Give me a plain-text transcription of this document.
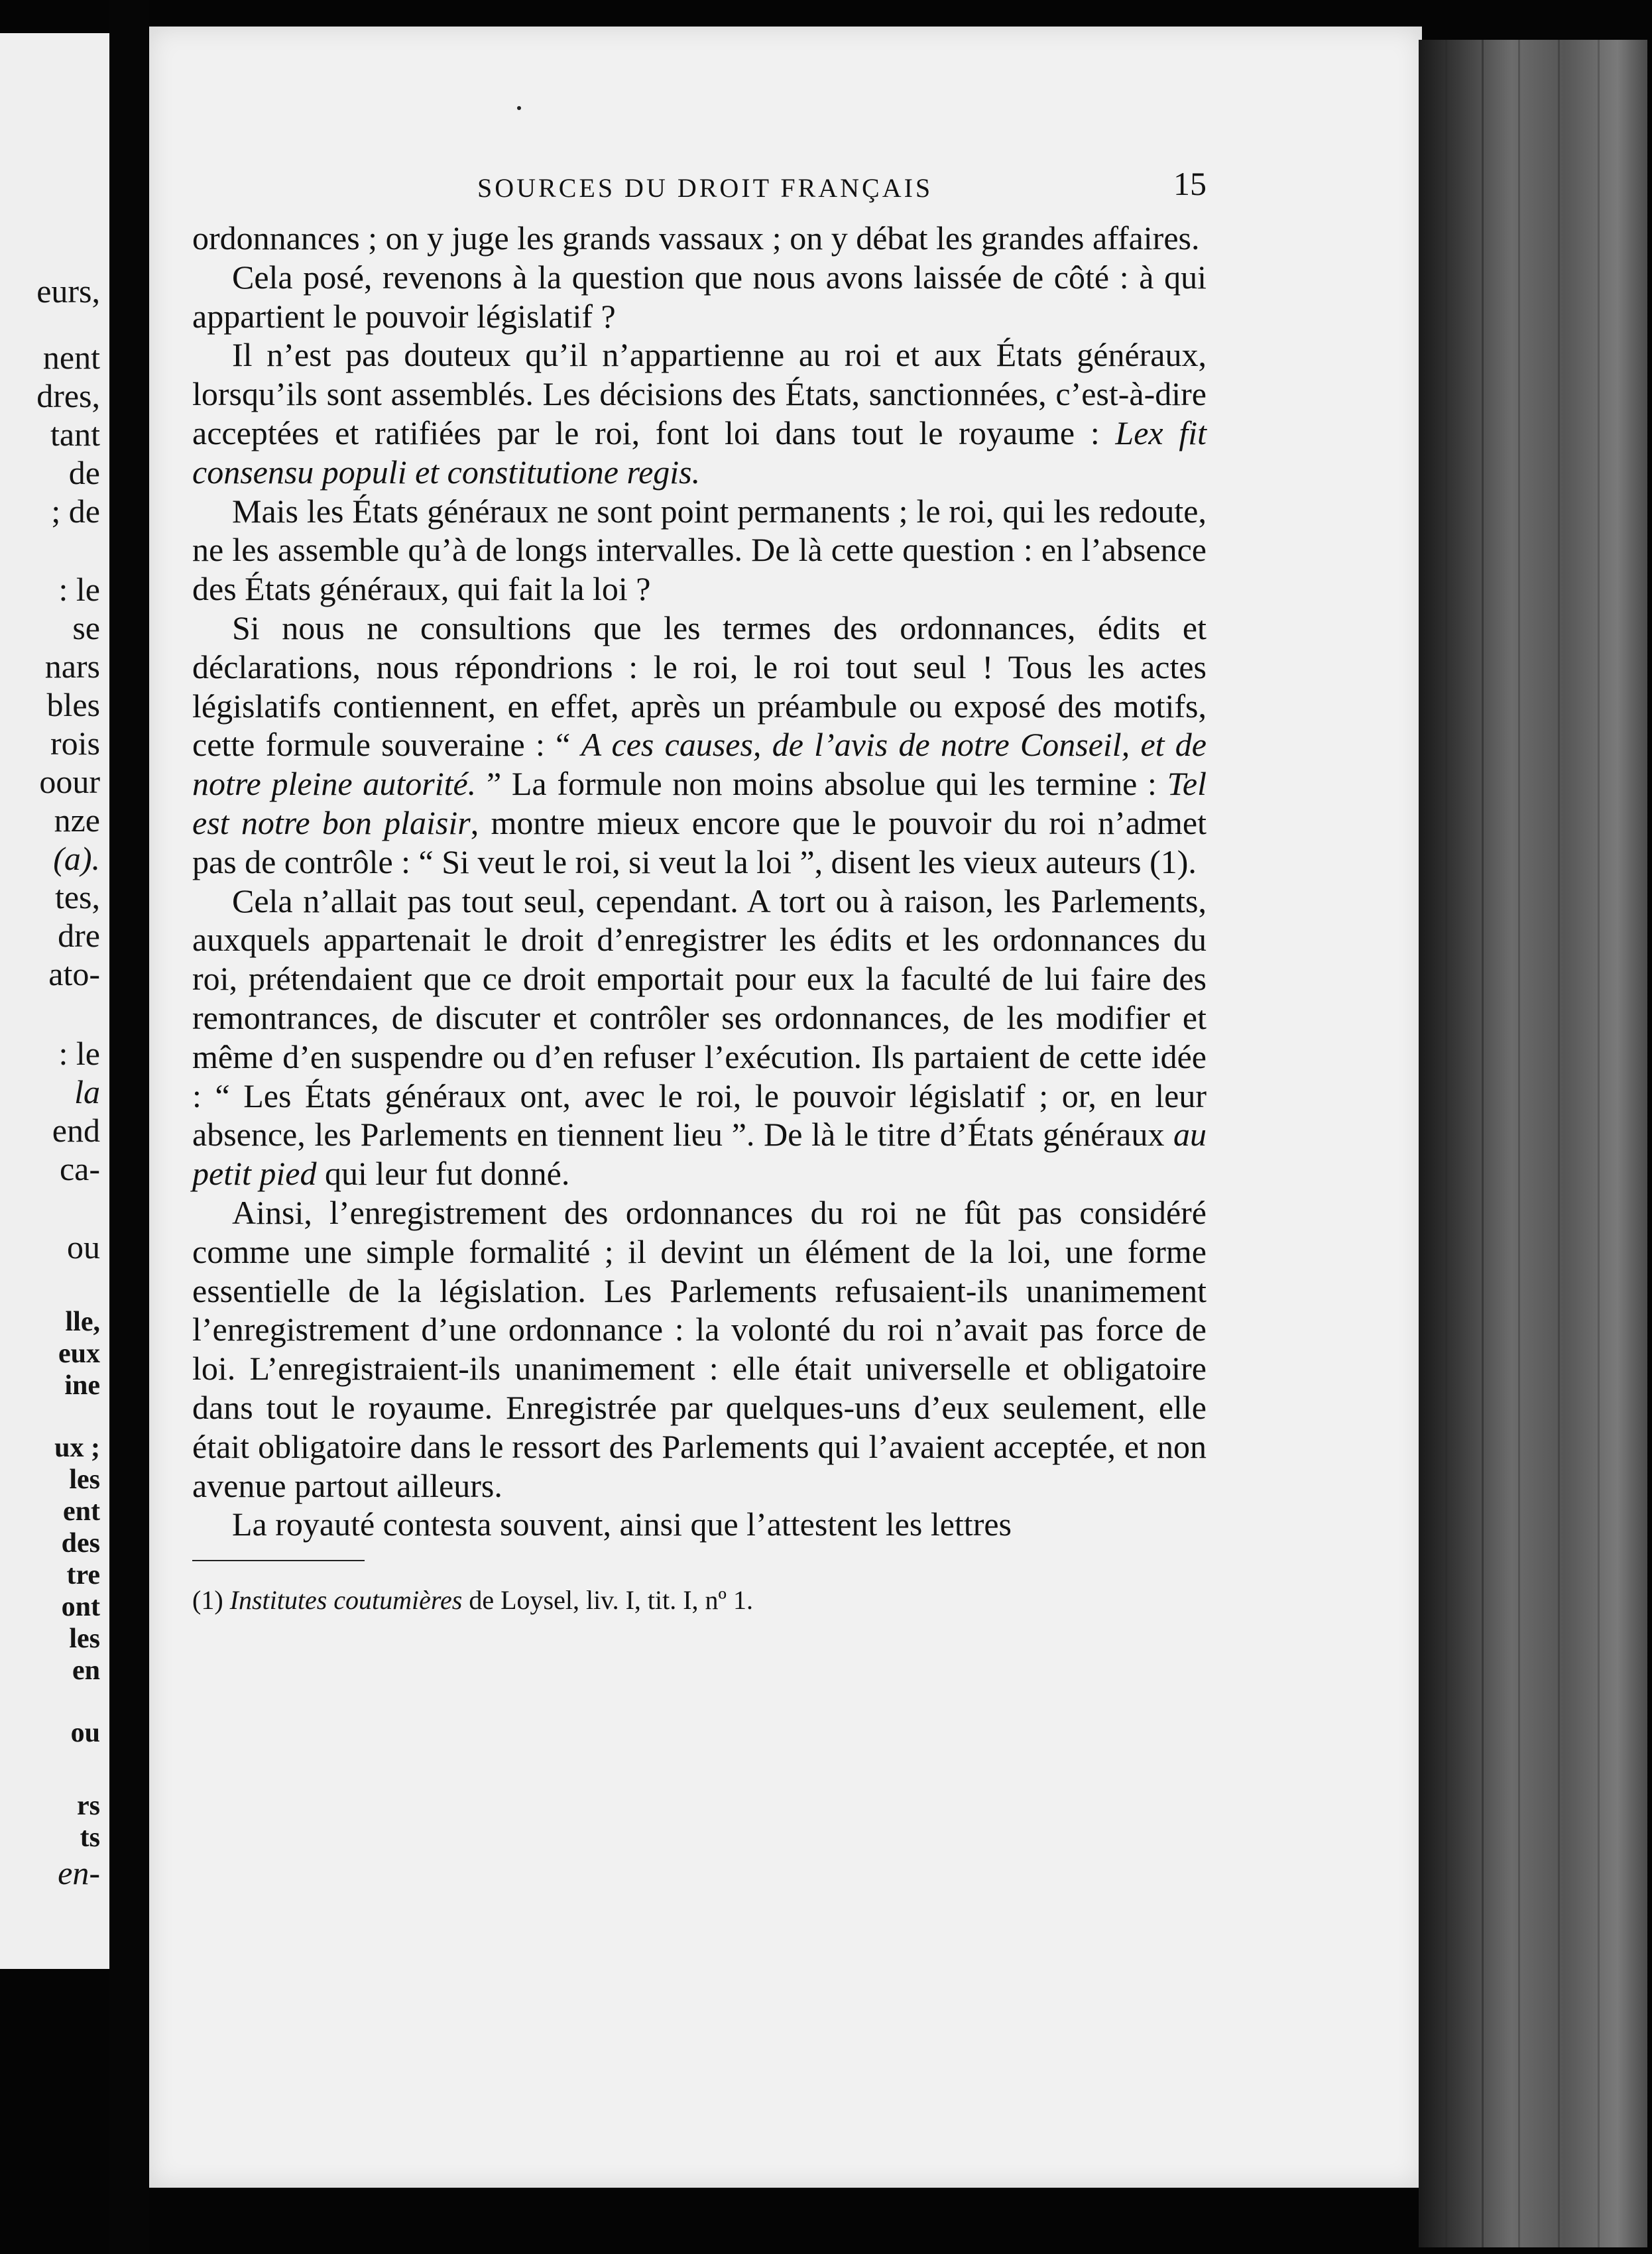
eurs,
nent
dres,
tant
de
; de
: le
se
nars
bles
rois
oour
nze
(a).
tes,
dre
ato-
: le
la
end
ca-
ou
lle,
eux
ine
ux ;
les
ent
des
tre
ont
les
en
ou
rs
ts
en-
SOURCES DU DROIT FRANÇAIS	15

ordonnances ; on y juge les grands vassaux ; on y débat les grandes affaires.

Cela posé, revenons à la question que nous avons laissée de côté : à qui appartient le pouvoir législatif ?

Il n’est pas douteux qu’il n’appartienne au roi et aux États généraux, lorsqu’ils sont assemblés. Les décisions des États, sanctionnées, c’est-à-dire acceptées et ratifiées par le roi, font loi dans tout le royaume : Lex fit consensu populi et constitutione regis.

Mais les États généraux ne sont point permanents ; le roi, qui les redoute, ne les assemble qu’à de longs intervalles. De là cette question : en l’absence des États généraux, qui fait la loi ?

Si nous ne consultions que les termes des ordonnances, édits et déclarations, nous répondrions : le roi, le roi tout seul ! Tous les actes législatifs contiennent, en effet, après un préambule ou exposé des motifs, cette formule souveraine : “ A ces causes, de l’avis de notre Conseil, et de notre pleine autorité. ” La formule non moins absolue qui les termine : Tel est notre bon plaisir, montre mieux encore que le pouvoir du roi n’admet pas de contrôle : “ Si veut le roi, si veut la loi ”, disent les vieux auteurs (1).

Cela n’allait pas tout seul, cependant. A tort ou à raison, les Parlements, auxquels appartenait le droit d’enregistrer les édits et les ordonnances du roi, prétendaient que ce droit emportait pour eux la faculté de lui faire des remontrances, de discuter et contrôler ses ordonnances, de les modifier et même d’en suspendre ou d’en refuser l’exécution. Ils partaient de cette idée : “ Les États généraux ont, avec le roi, le pouvoir législatif ; or, en leur absence, les Parlements en tiennent lieu ”. De là le titre d’États généraux au petit pied qui leur fut donné.

Ainsi, l’enregistrement des ordonnances du roi ne fût pas considéré comme une simple formalité ; il devint un élément de la loi, une forme essentielle de la législation. Les Parlements refusaient-ils unanimement l’enregistrement d’une ordonnance : la volonté du roi n’avait pas force de loi. L’enregistraient-ils unanimement : elle était universelle et obligatoire dans tout le royaume. Enregistrée par quelques-uns d’eux seulement, elle était obligatoire dans le ressort des Parlements qui l’avaient acceptée, et non avenue partout ailleurs.

La royauté contesta souvent, ainsi que l’attestent les lettres

(1) Institutes coutumières de Loysel, liv. I, tit. I, nº 1.
